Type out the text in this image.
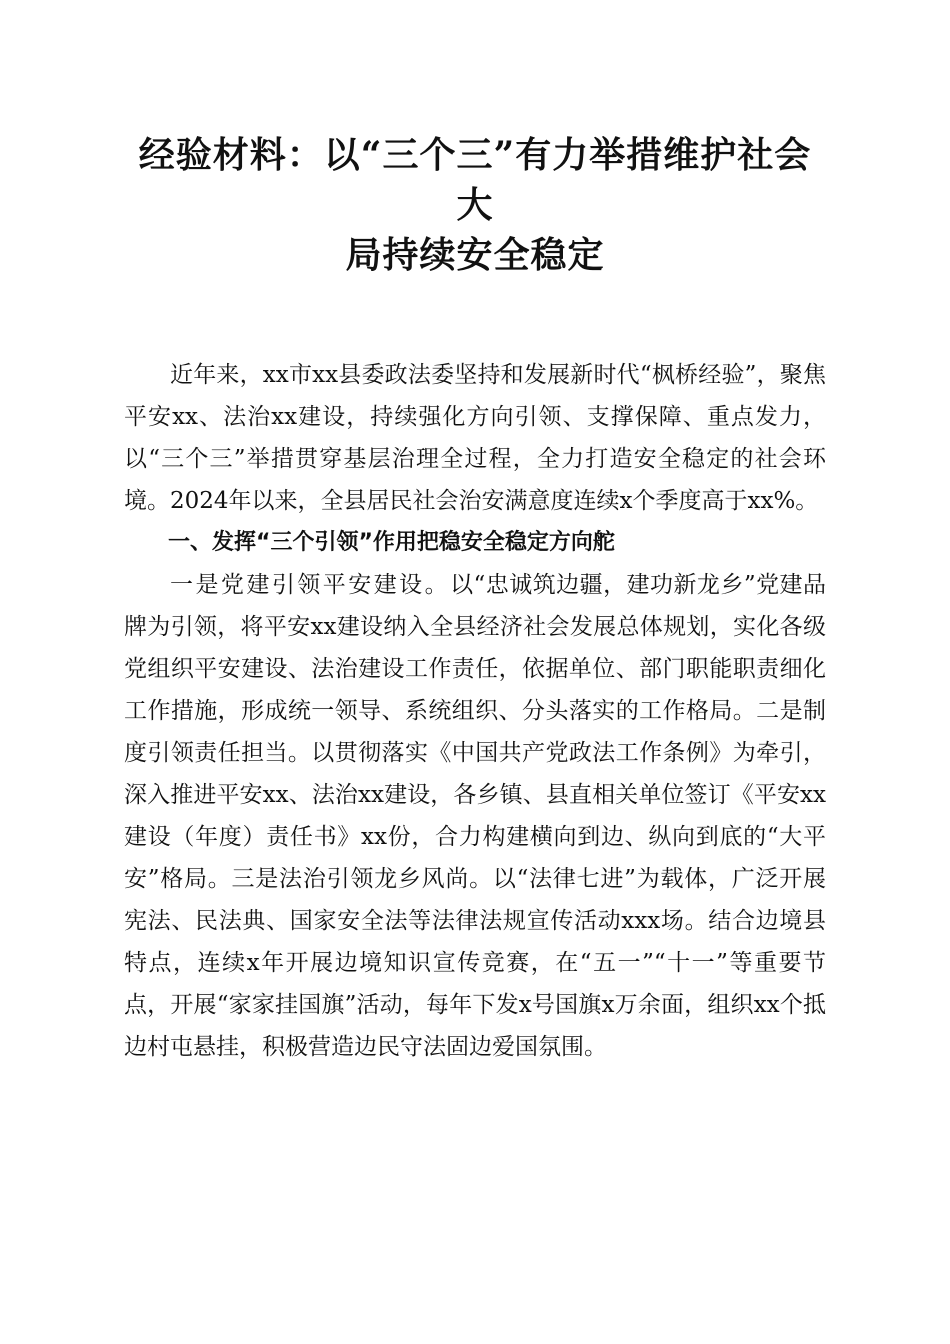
经验材料：以“三个三”有力举措维护社会大
局持续安全稳定

近年来，xx市xx县委政法委坚持和发展新时代“枫桥经验”，聚焦平安xx、法治xx建设，持续强化方向引领、支撑保障、重点发力，以“三个三”举措贯穿基层治理全过程，全力打造安全稳定的社会环境。2024年以来，全县居民社会治安满意度连续x个季度高于xx%。

一、发挥“三个引领”作用把稳安全稳定方向舵

一是党建引领平安建设。以“忠诚筑边疆，建功新龙乡”党建品牌为引领，将平安xx建设纳入全县经济社会发展总体规划，实化各级党组织平安建设、法治建设工作责任，依据单位、部门职能职责细化工作措施，形成统一领导、系统组织、分头落实的工作格局。二是制度引领责任担当。以贯彻落实《中国共产党政法工作条例》为牵引，深入推进平安xx、法治xx建设，各乡镇、县直相关单位签订《平安xx建设（年度）责任书》xx份，合力构建横向到边、纵向到底的“大平安”格局。三是法治引领龙乡风尚。以“法律七进”为载体，广泛开展宪法、民法典、国家安全法等法律法规宣传活动xxx场。结合边境县特点，连续x年开展边境知识宣传竞赛，在“五一”“十一”等重要节点，开展“家家挂国旗”活动，每年下发x号国旗x万余面，组织xx个抵边村屯悬挂，积极营造边民守法固边爱国氛围。
